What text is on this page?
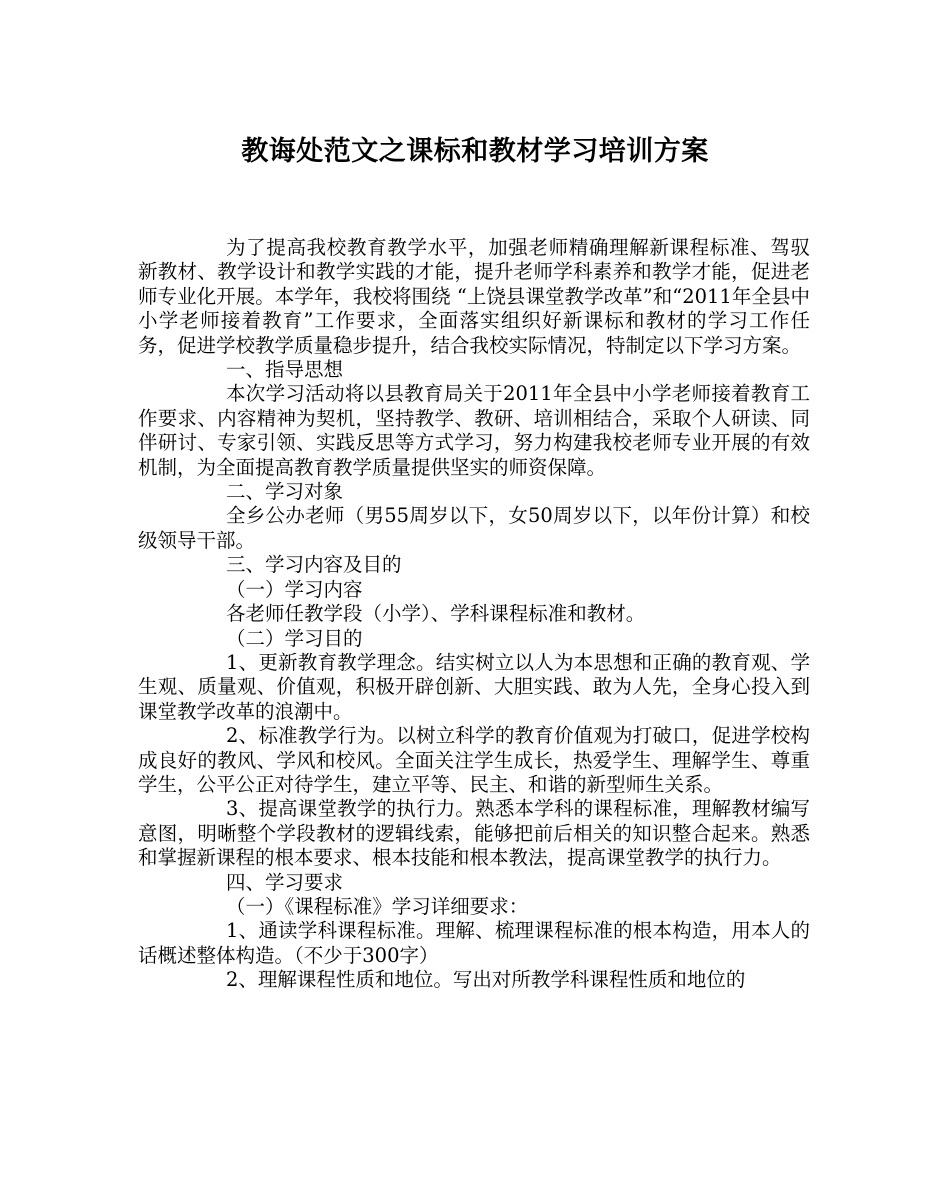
教诲处范文之课标和教材学习培训方案

为了提高我校教育教学水平，加强老师精确理解新课程标准、驾驭新教材、教学设计和教学实践的才能，提升老师学科素养和教学才能，促进老师专业化开展。本学年，我校将围绕 “上饶县课堂教学改革”和“2011年全县中小学老师接着教育”工作要求，全面落实组织好新课标和教材的学习工作任务，促进学校教学质量稳步提升，结合我校实际情况，特制定以下学习方案。

一、指导思想

本次学习活动将以县教育局关于2011年全县中小学老师接着教育工作要求、内容精神为契机，坚持教学、教研、培训相结合，采取个人研读、同伴研讨、专家引领、实践反思等方式学习，努力构建我校老师专业开展的有效机制，为全面提高教育教学质量提供坚实的师资保障。

二、学习对象

全乡公办老师（男55周岁以下，女50周岁以下，以年份计算）和校级领导干部。

三、学习内容及目的

（一）学习内容

各老师任教学段（小学）、学科课程标准和教材。

（二）学习目的

1、更新教育教学理念。结实树立以人为本思想和正确的教育观、学生观、质量观、价值观，积极开辟创新、大胆实践、敢为人先，全身心投入到课堂教学改革的浪潮中。

2、标准教学行为。以树立科学的教育价值观为打破口，促进学校构成良好的教风、学风和校风。全面关注学生成长，热爱学生、理解学生、尊重学生，公平公正对待学生，建立平等、民主、和谐的新型师生关系。

3、提高课堂教学的执行力。熟悉本学科的课程标准，理解教材编写意图，明晰整个学段教材的逻辑线索，能够把前后相关的知识整合起来。熟悉和掌握新课程的根本要求、根本技能和根本教法，提高课堂教学的执行力。

四、学习要求

（一）《课程标准》学习详细要求：

1、通读学科课程标准。理解、梳理课程标准的根本构造，用本人的话概述整体构造。（不少于300字）

2、理解课程性质和地位。写出对所教学科课程性质和地位的
